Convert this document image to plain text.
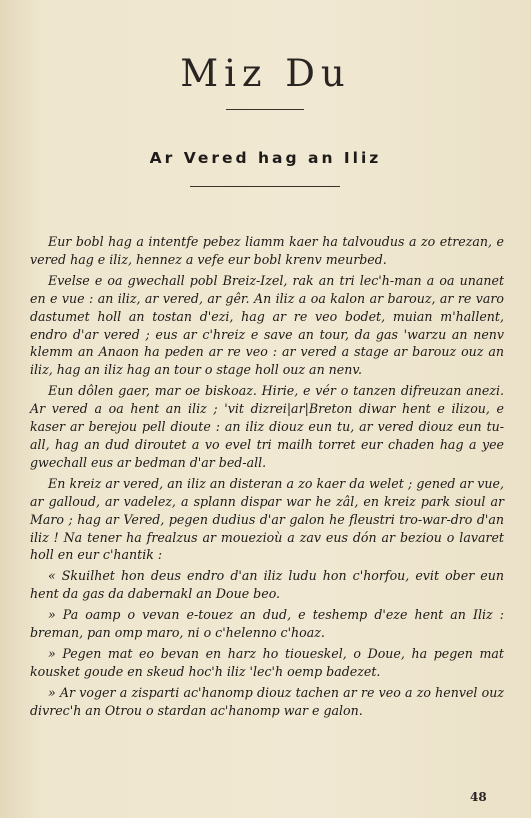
Miz Du
Ar Vered hag an Iliz

Eur bobl hag a intentfe pebez liamm kaer ha talvoudus a zo etrezan, e vered hag e iliz, hennez a vefe eur bobl krenv meurbed.

Evelse e oa gwechall pobl Breiz-Izel, rak an tri lec'h-man a oa unanet en e vue : an iliz, ar vered, ar gêr. An iliz a oa kalon ar barouz, ar re varo dastumet holl an tostan d'ezi, hag ar re veo bodet, muian m'hallent, endro d'ar vered ; eus ar c'hreiz e save an tour, da gas 'warzu an nenv klemm an Anaon ha peden ar re veo : ar vered a stage ar barouz ouz an iliz, hag an iliz hag an tour o stage holl ouz an nenv.

Eun dôlen gaer, mar oe biskoaz. Hirie, e vér o tanzen difreuzan anezi. Ar vered a oa hent an iliz ; 'vit dizrei|ar|Breton diwar hent e ilizou, e kaser ar berejou pell dioute : an iliz diouz eun tu, ar vered diouz eun tu-all, hag an dud diroutet a vo evel tri mailh torret eur chaden hag a yee gwechall eus ar bedman d'ar bed-all.

En kreiz ar vered, an iliz an disteran a zo kaer da welet ; gened ar vue, ar galloud, ar vadelez, a splann dispar war he zâl, en kreiz park sioul ar Maro ; hag ar Vered, pegen dudius d'ar galon he fleustri tro-war-dro d'an iliz ! Na tener ha frealzus ar mouezioù a zav eus dón ar beziou o lavaret holl en eur c'hantik :

« Skuilhet hon deus endro d'an iliz ludu hon c'horfou, evit ober eun hent da gas da dabernakl an Doue beo.

» Pa oamp o vevan e-touez an dud, e teshemp d'eze hent an Iliz : breman, pan omp maro, ni o c'helenno c'hoaz.

» Pegen mat eo bevan en harz ho tioueskel, o Doue, ha pegen mat kousket goude en skeud hoc'h iliz 'lec'h oemp badezet.

» Ar voger a zisparti ac'hanomp diouz tachen ar re veo a zo henvel ouz divrec'h an Otrou o stardan ac'hanomp war e galon.

48
